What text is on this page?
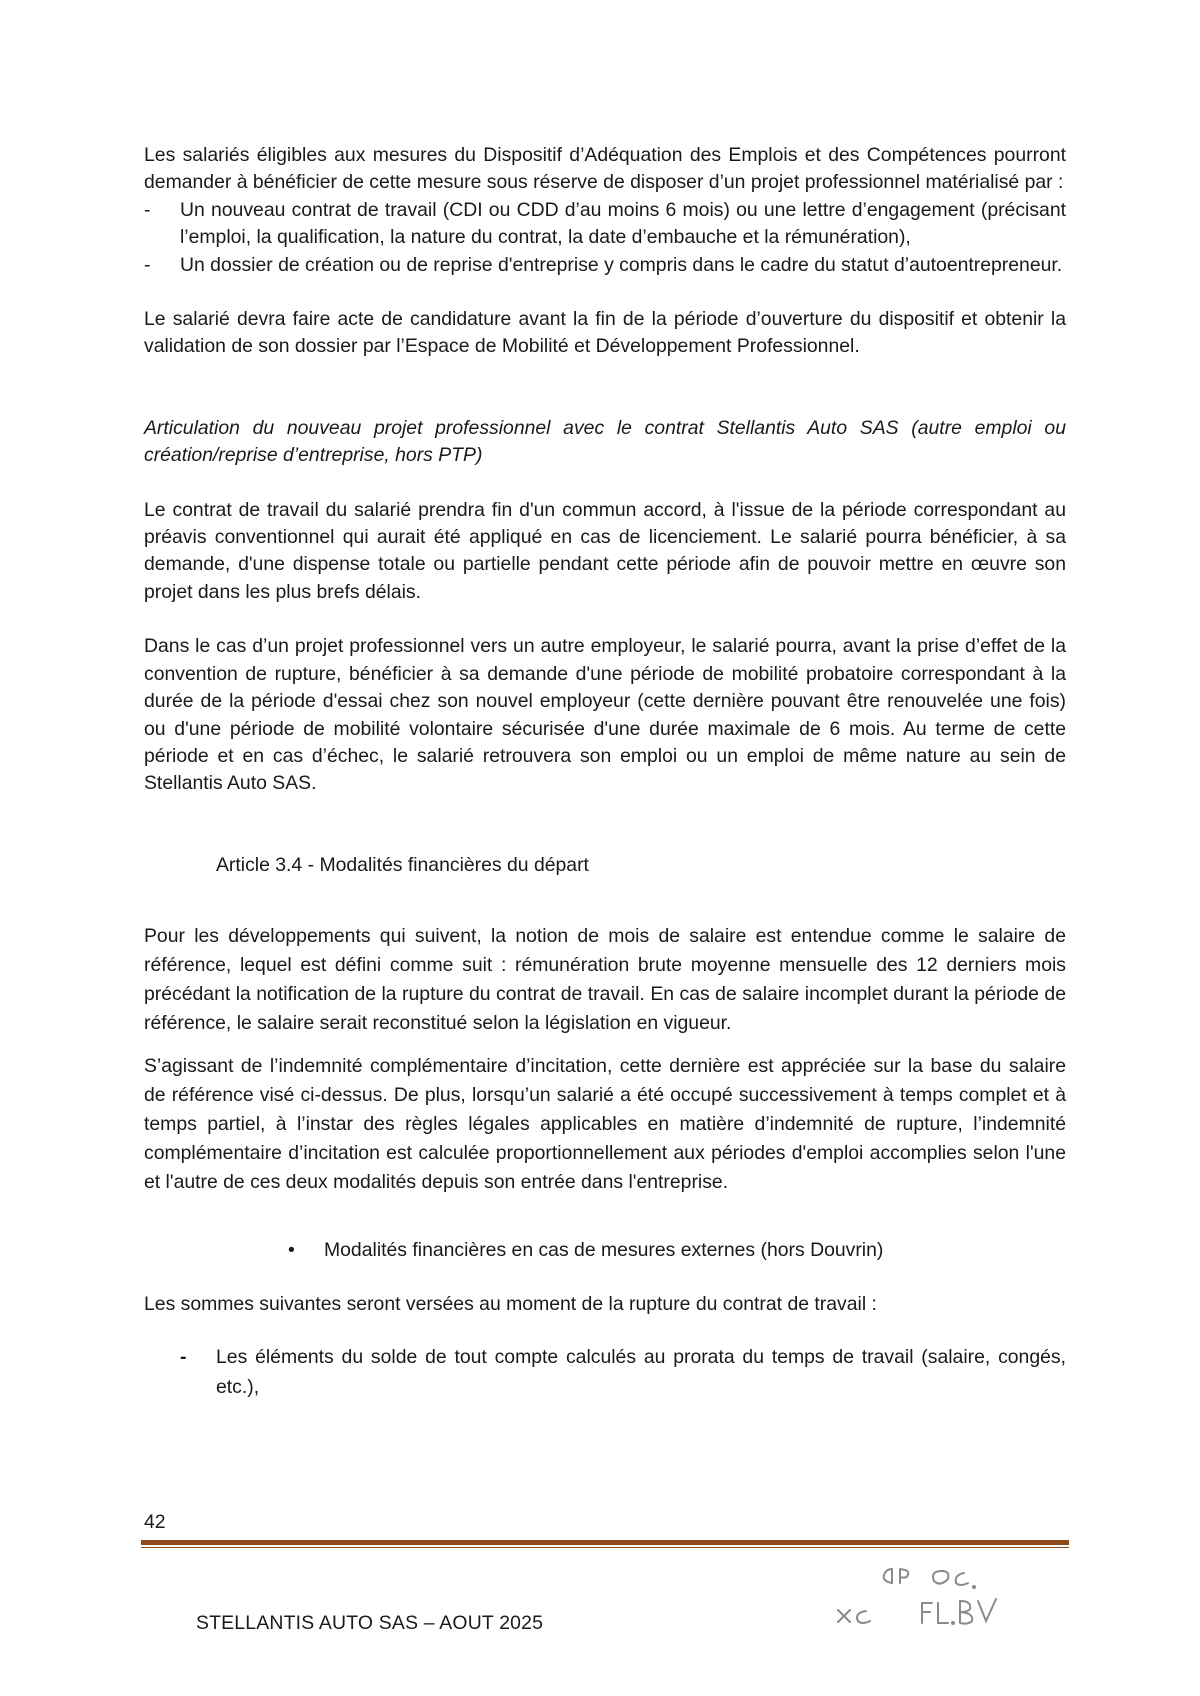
Les salariés éligibles aux mesures du Dispositif d’Adéquation des Emplois et des Compétences pourront demander à bénéficier de cette mesure sous réserve de disposer d’un projet professionnel matérialisé par :

- Un nouveau contrat de travail (CDI ou CDD d’au moins 6 mois) ou une lettre d’engagement (précisant l’emploi, la qualification, la nature du contrat, la date d’embauche et la rémunération),
- Un dossier de création ou de reprise d'entreprise y compris dans le cadre du statut d’autoentrepreneur.

Le salarié devra faire acte de candidature avant la fin de la période d’ouverture du dispositif et obtenir la validation de son dossier par l’Espace de Mobilité et Développement Professionnel.

Articulation du nouveau projet professionnel avec le contrat Stellantis Auto SAS (autre emploi ou création/reprise d’entreprise, hors PTP)

Le contrat de travail du salarié prendra fin d'un commun accord, à l'issue de la période correspondant au préavis conventionnel qui aurait été appliqué en cas de licenciement. Le salarié pourra bénéficier, à sa demande, d'une dispense totale ou partielle pendant cette période afin de pouvoir mettre en œuvre son projet dans les plus brefs délais.

Dans le cas d’un projet professionnel vers un autre employeur, le salarié pourra, avant la prise d’effet de la convention de rupture, bénéficier à sa demande d'une période de mobilité probatoire correspondant à la durée de la période d'essai chez son nouvel employeur (cette dernière pouvant être renouvelée une fois) ou d'une période de mobilité volontaire sécurisée d'une durée maximale de 6 mois. Au terme de cette période et en cas d’échec, le salarié retrouvera son emploi ou un emploi de même nature au sein de Stellantis Auto SAS.

Article 3.4 - Modalités financières du départ

Pour les développements qui suivent, la notion de mois de salaire est entendue comme le salaire de référence, lequel est défini comme suit : rémunération brute moyenne mensuelle des 12 derniers mois précédant la notification de la rupture du contrat de travail. En cas de salaire incomplet durant la période de référence, le salaire serait reconstitué selon la législation en vigueur.

S’agissant de l’indemnité complémentaire d’incitation, cette dernière est appréciée sur la base du salaire de référence visé ci-dessus. De plus, lorsqu’un salarié a été occupé successivement à temps complet et à temps partiel, à l’instar des règles légales applicables en matière d’indemnité de rupture, l’indemnité complémentaire d’incitation est calculée proportionnellement aux périodes d'emploi accomplies selon l'une et l'autre de ces deux modalités depuis son entrée dans l'entreprise.

• Modalités financières en cas de mesures externes (hors Douvrin)

Les sommes suivantes seront versées au moment de la rupture du contrat de travail :

- Les éléments du solde de tout compte calculés au prorata du temps de travail (salaire, congés, etc.),
42
STELLANTIS AUTO SAS – AOUT 2025
